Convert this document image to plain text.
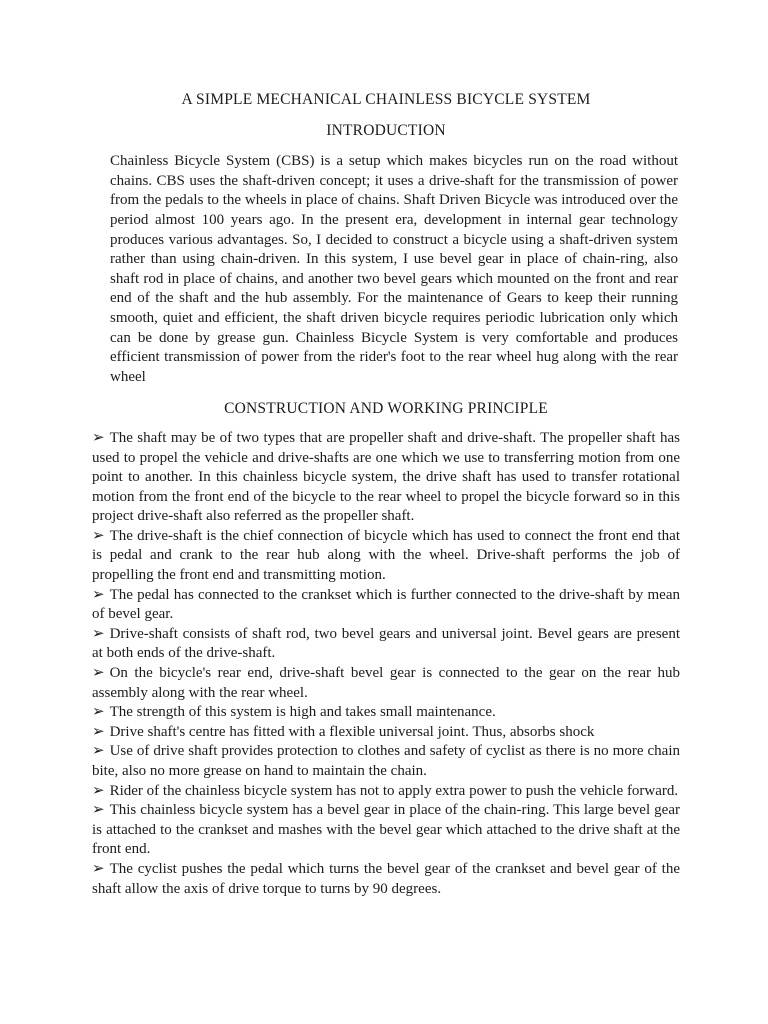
A SIMPLE MECHANICAL CHAINLESS BICYCLE SYSTEM
INTRODUCTION

Chainless Bicycle System (CBS) is a setup which makes bicycles run on the road without chains. CBS uses the shaft-driven concept; it uses a drive-shaft for the transmission of power from the pedals to the wheels in place of chains. Shaft Driven Bicycle was introduced over the period almost 100 years ago. In the present era, development in internal gear technology produces various advantages. So, I decided to construct a bicycle using a shaft-driven system rather than using chain-driven. In this system, I use bevel gear in place of chain-ring, also shaft rod in place of chains, and another two bevel gears which mounted on the front and rear end of the shaft and the hub assembly. For the maintenance of Gears to keep their running smooth, quiet and efficient, the shaft driven bicycle requires periodic lubrication only which can be done by grease gun. Chainless Bicycle System is very comfortable and produces efficient transmission of power from the rider's foot to the rear wheel hug along with the rear wheel

CONSTRUCTION AND WORKING PRINCIPLE

➢ The shaft may be of two types that are propeller shaft and drive-shaft. The propeller shaft has used to propel the vehicle and drive-shafts are one which we use to transferring motion from one point to another. In this chainless bicycle system, the drive shaft has used to transfer rotational motion from the front end of the bicycle to the rear wheel to propel the bicycle forward so in this project drive-shaft also referred as the propeller shaft.

➢ The drive-shaft is the chief connection of bicycle which has used to connect the front end that is pedal and crank to the rear hub along with the wheel. Drive-shaft performs the job of propelling the front end and transmitting motion.

➢ The pedal has connected to the crankset which is further connected to the drive-shaft by mean of bevel gear.

➢ Drive-shaft consists of shaft rod, two bevel gears and universal joint. Bevel gears are present at both ends of the drive-shaft.

➢ On the bicycle's rear end, drive-shaft bevel gear is connected to the gear on the rear hub assembly along with the rear wheel.

➢ The strength of this system is high and takes small maintenance.

➢ Drive shaft's centre has fitted with a flexible universal joint. Thus, absorbs shock

➢ Use of drive shaft provides protection to clothes and safety of cyclist as there is no more chain bite, also no more grease on hand to maintain the chain.

➢ Rider of the chainless bicycle system has not to apply extra power to push the vehicle forward.

➢ This chainless bicycle system has a bevel gear in place of the chain-ring. This large bevel gear is attached to the crankset and mashes with the bevel gear which attached to the drive shaft at the front end.

➢ The cyclist pushes the pedal which turns the bevel gear of the crankset and bevel gear of the shaft allow the axis of drive torque to turns by 90 degrees.
